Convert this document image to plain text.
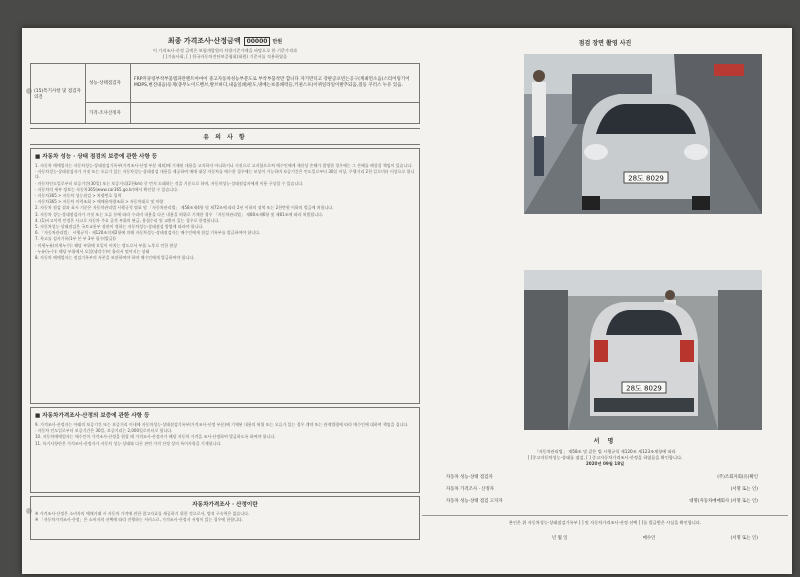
최종 가격조사·산정금액 00000 만원
이 가격조사·산정 금액은 보험개발원의 차량기준가액을 바탕으로 한 기준가격과
[ ]기술사회, [ ] 한국자동차진단보증협회(회원) 기준서를 적용하였음
(15)특기사항 및 점검자 의견	성능·상태점검자	FRP커큐링부착부품엠파란렌트아마이 중고자동차성능부분도로 부착부품착만 합니다 자기반디고 강판공포빈는공구(계최면소음(스티어링기어 MDPS,변진내음)등게(충무노이드밴브,발브바디,내음일쇄)판도,냉베는보중쇄력들,키퀸스포(이퀴일라일이발추되움,점등 쿠러스 누유 있음.
	가격·조사산정자	
유 의 사 항
■ 자동차 성능 · 상태 점검의 보증에 관한 사항 등
1. 자동차 매매업자는 자동차성능·상태점검기록부(가격조사·산정 부분 제외)에 기재된 내용을 고지하지 아니하거나 거짓으로 고지함으로써 매수인에게 재산상 손해가 발생한 경우에는 그 손해를 배상할 책임이 있습니다.
· 자동차성능·상태점검자가 거짓 또는 오류가 있는 자동차성능·상태점검 내용을 제공하여 매매 대상 자동차를 매수한 경우에는 보상이 가능하며 보증기간은 인도일로부터 30일 이상, 주행거리 2천 킬로미터 이상으로 합니다.
· 자동차인도일로부터 보증기간(30일) 또는 보증거리(2천km) 중 먼저 도래하는 것을 기준으로 하며, 자동차성능·상태점검자에게 이용 구상할 수 있습니다.
· 자동차의 세부 정보는 자동차365(www.car365.go.kr)에서 확인할 수 있습니다.
· 자동차365 > 자동차 성능점검 > 차량번호 입력
· 자동차365 > 자동차 이력조회 > 매매용차량조회 > 자동차대로 및 차량
2. 자동차 점검 결과 표시 기준은 자동차관리법 시행규칙 별표 및 「자동차관리법」 제58조제4항 및 제72조에 따라 2년 이하의 징역 또는 2천만원 이하의 벌금에 처합니다.
3. 자동차 성능·상태점검자가 거짓 또는 오류 등에 따라 수리비 내용을 다른 내용을 허위로 기재한 경우 「자동차관리법」 제80조제6항 및 제81조에 따라 처벌됩니다.
4. (1)시고이력 인정은 사고로 자동차 주요 골격 부위의 판금, 용접수리 및 교환이 있는 경우로 한정합니다.
5. 자동차성능·상태점검은 국토교통부 장관이 정하는 자동차성능·상태점검 방법에 따라야 합니다.
6. 「자동차관리법」 시행규칙 · 제120조의제2항에 의해 자동차성능·상태점검자는 매수인에게 점검 기록부를 발급하여야 합니다.
7. 특고를 검사기록(1부 본 부 3부 필수(발급))
· 미세누유(미세누수): 해당 부위에 오일이 비치는 정도로서 부품 노후로 인한 현상
· 누유(누수): 해당 부위에서 오일(냉각수)이 흘러서 떨어지는 상태
8. 자동차 매매업자는 점검기록부의 사본을 보관하여야 하며 매수인에게 발급하여야 합니다.
■ 자동차가격조사·산정의 보증에 관한 사항 등
9. 가격조사·산정자는 아래의 보증기간 또는 보증거리 이내에 자동차성능·상태점검기록부(가격조사·산정 부분)에 기재된 내용의 허위 또는 오류가 있는 경우 계약 또는 관계법령에 따라 매수인에 대하여 책임을 집니다.
· 자동차 인도일로부터 보증기간은 30일, 보증거리는 2,000킬로미터로 합니다.
10. 자동차매매업자는 매수인이 가격조사·산정을 원할 때 가격조사·산정자가 해당 자동차 가격을 조사·산정하여 발급하도록 하여야 합니다.
11. 특기사항란은 가격조사·산정자가 자동차 성능·상태와 다른 관련 가격 산정 상의 특이사항을 기재합니다.
자동차가격조사 · 산정이란
※ 가격조사·산정은 소비자의 매매거래 시 자동차 가격에 관한 참고자료를 제공하기 위한 것으로서, 법적 구속력은 없습니다.
※ 「자동차가격조사·산정」은 소비자의 선택에 따라 진행하는 서비스로, 가격조사·산정자 서명이 있는 경우에 한합니다.
점검 장면 촬영 사진
28도 8029
28도 8029
서 명
「자동차관리법」 제58조 및 같은 법 시행규칙 제120조 제123조제항에 따라
[ ]중고자동차성능·상태를 점검, [ ] 중고자동차가격조사·산정을 하였음을 확인합니다.
2020년 09월 18일
자동차 성능·상태 점검자	(주)조회자회(유)확인
자동차 가격조사 · 산정자	(서명 또는 인)
자동차 성능·상태 점검 고지자	대명(자동차매매회사 (서명 또는 인)
본인은 위 자동차성능·상태점검기록부 [ ] 및 자동차가격조사·산정 선택 [ ]를 발급받은 사실을 확인합니다.
년 월 일	매수인	(서명 또는 인)
